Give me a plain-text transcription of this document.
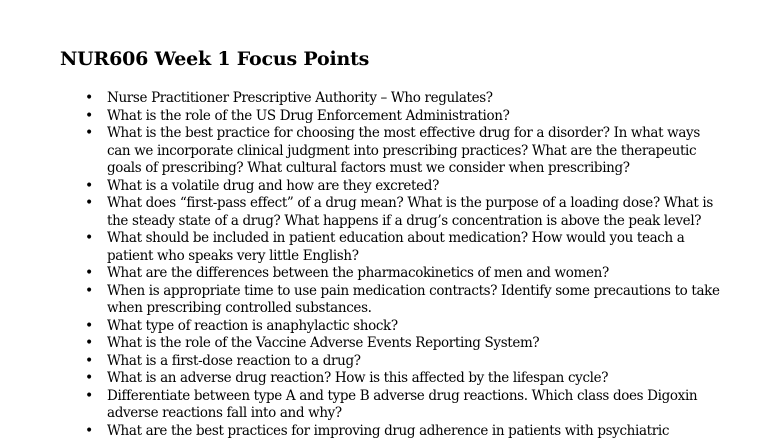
NUR606 Week 1 Focus Points
•	Nurse Practitioner Prescriptive Authority – Who regulates?
•	What is the role of the US Drug Enforcement Administration?
•	What is the best practice for choosing the most effective drug for a disorder? In what ways can we incorporate clinical judgment into prescribing practices? What are the therapeutic goals of prescribing? What cultural factors must we consider when prescribing?
•	What is a volatile drug and how are they excreted?
•	What does “first-pass effect” of a drug mean? What is the purpose of a loading dose? What is the steady state of a drug? What happens if a drug’s concentration is above the peak level?
•	What should be included in patient education about medication? How would you teach a patient who speaks very little English?
•	What are the differences between the pharmacokinetics of men and women?
•	When is appropriate time to use pain medication contracts? Identify some precautions to take when prescribing controlled substances.
•	What type of reaction is anaphylactic shock?
•	What is the role of the Vaccine Adverse Events Reporting System?
•	What is a first-dose reaction to a drug?
•	What is an adverse drug reaction? How is this affected by the lifespan cycle?
•	Differentiate between type A and type B adverse drug reactions. Which class does Digoxin adverse reactions fall into and why?
•	What are the best practices for improving drug adherence in patients with psychiatric
